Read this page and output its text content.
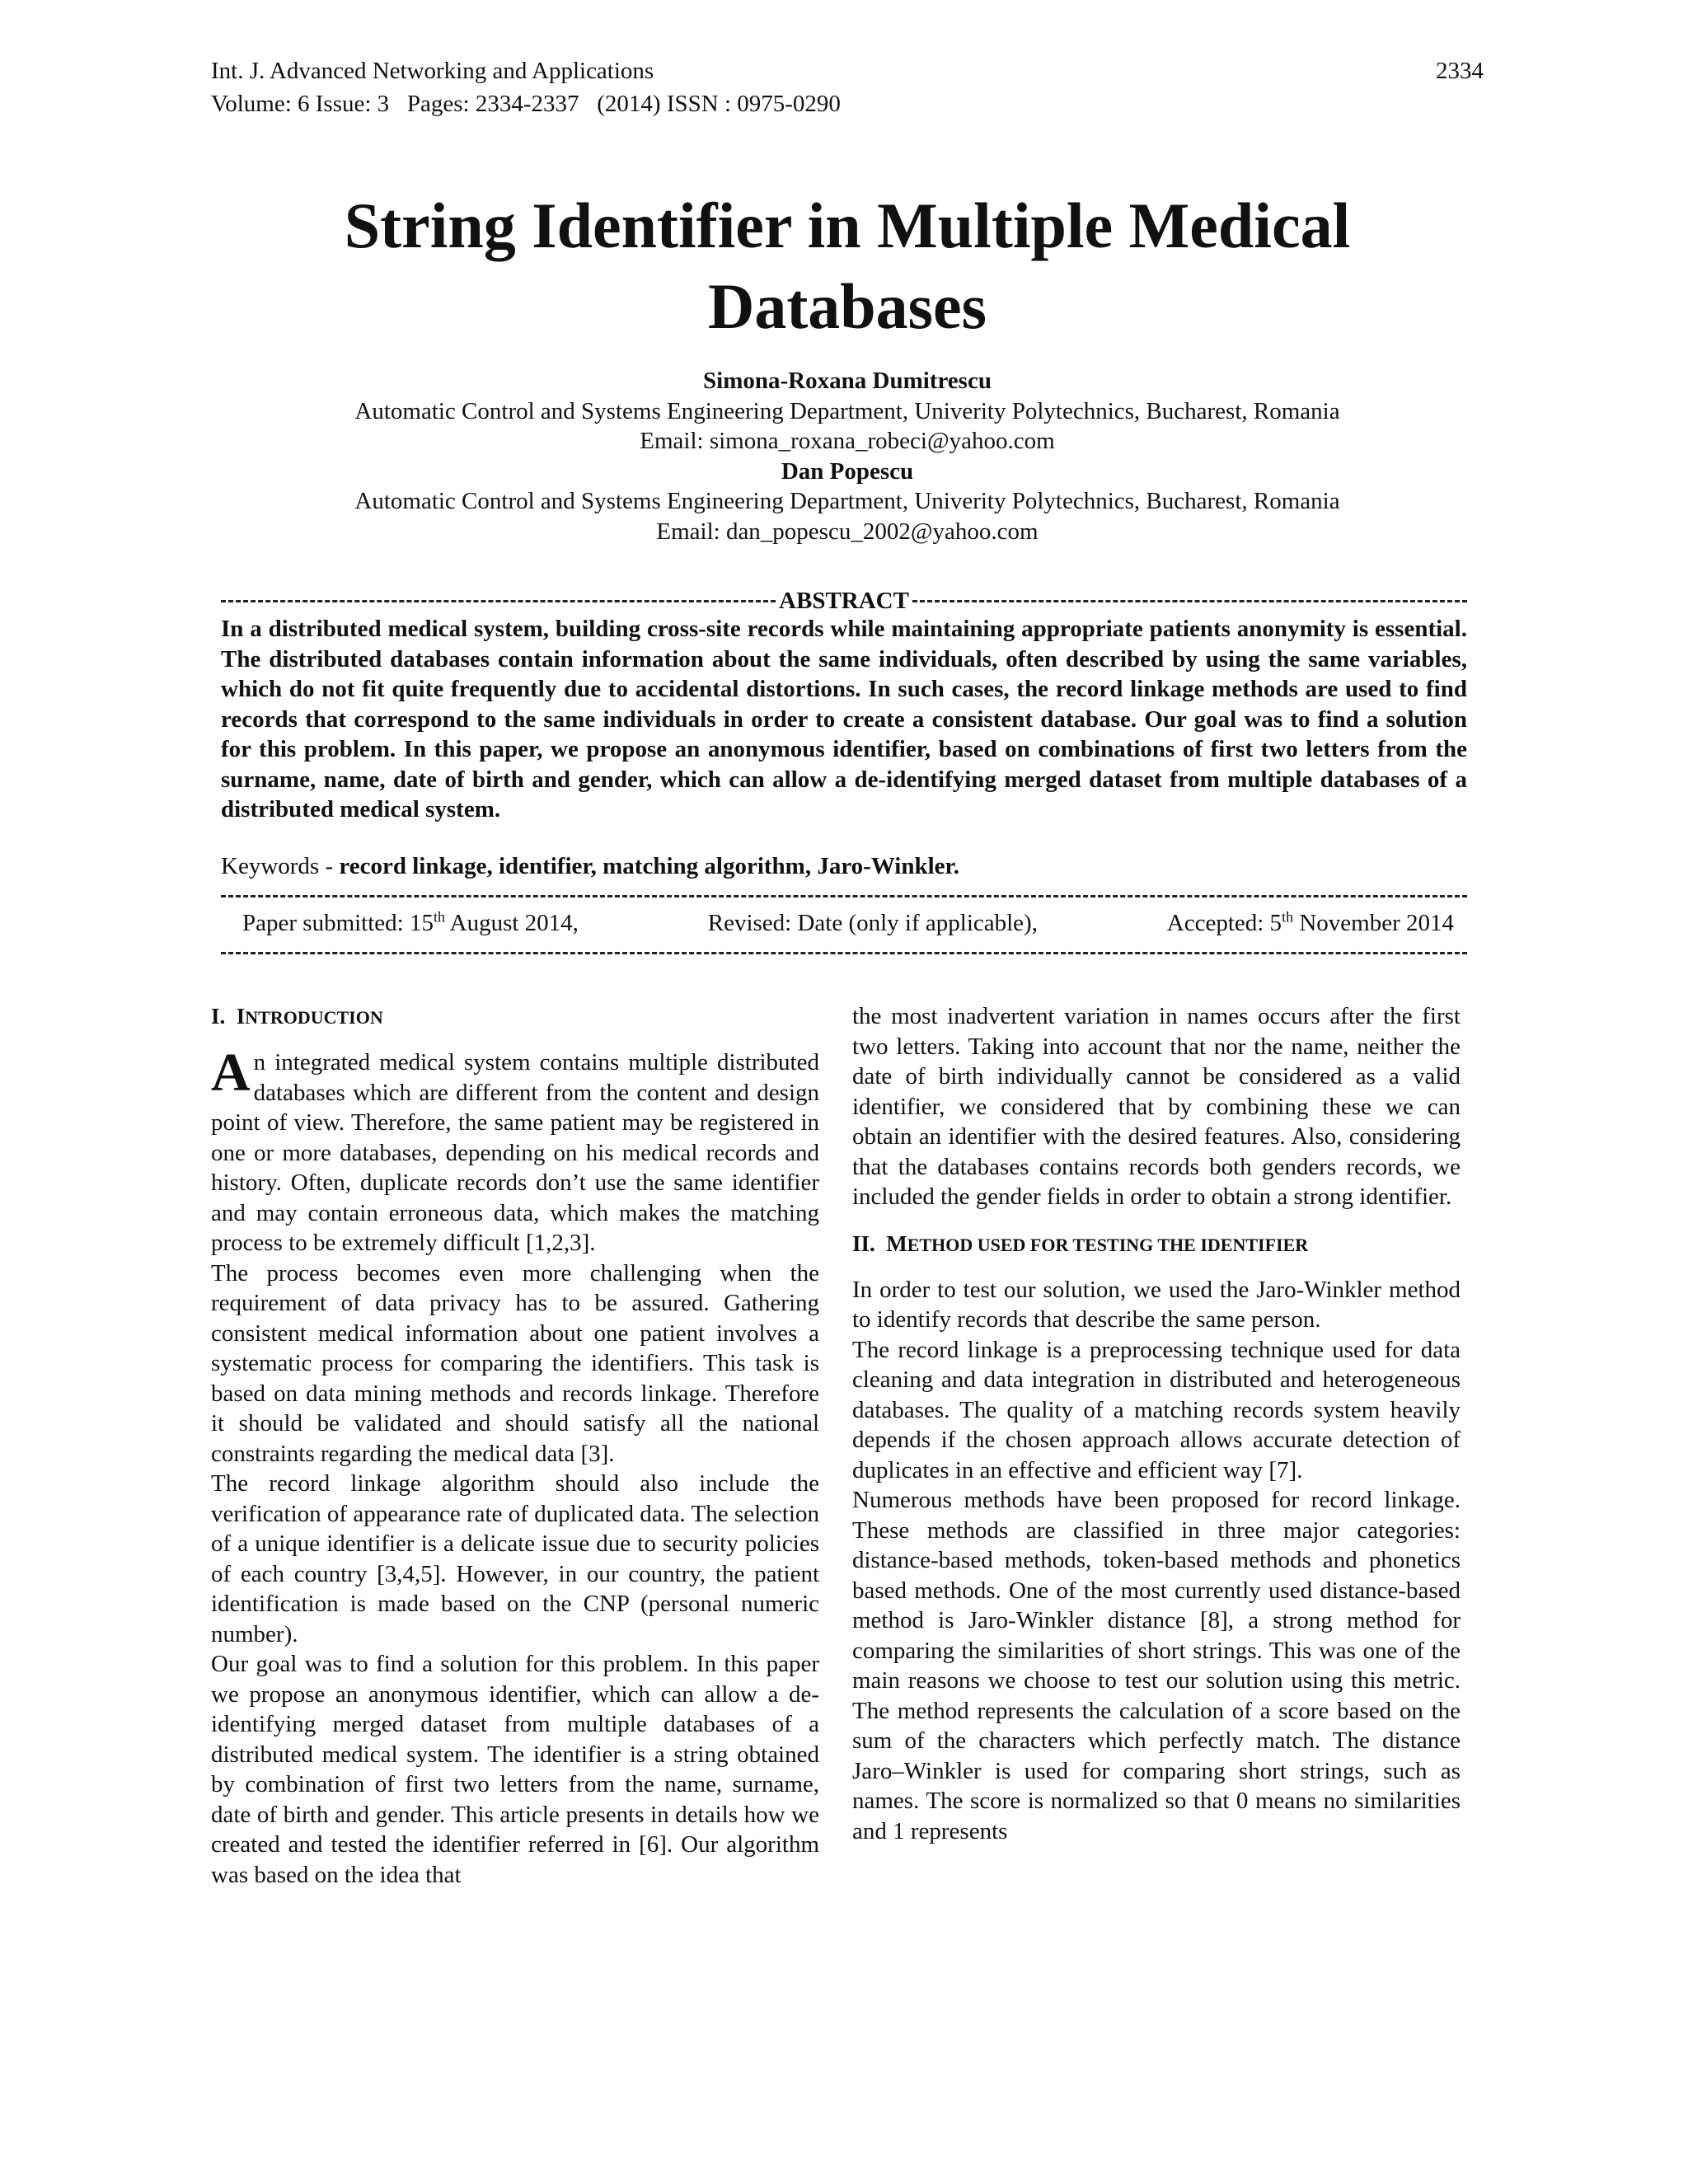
Int. J. Advanced Networking and Applications
Volume: 6 Issue: 3   Pages: 2334-2337   (2014) ISSN : 0975-0290
2334
String Identifier in Multiple Medical
Databases
Simona-Roxana Dumitrescu
Automatic Control and Systems Engineering Department, Univerity Polytechnics, Bucharest, Romania
Email: simona_roxana_robeci@yahoo.com
Dan Popescu
Automatic Control and Systems Engineering Department, Univerity Polytechnics, Bucharest, Romania
Email: dan_popescu_2002@yahoo.com
ABSTRACT
In a distributed medical system, building cross-site records while maintaining appropriate patients anonymity is essential. The distributed databases contain information about the same individuals, often described by using the same variables, which do not fit quite frequently due to accidental distortions. In such cases, the record linkage methods are used to find records that correspond to the same individuals in order to create a consistent database. Our goal was to find a solution for this problem. In this paper, we propose an anonymous identifier, based on combinations of first two letters from the surname, name, date of birth and gender, which can allow a de-identifying merged dataset from multiple databases of a distributed medical system.
Keywords - record linkage, identifier, matching algorithm, Jaro-Winkler.
Paper submitted: 15th August 2014,	Revised: Date (only if applicable),	Accepted: 5th November 2014
I. INTRODUCTION

An integrated medical system contains multiple distributed databases which are different from the content and design point of view. Therefore, the same patient may be registered in one or more databases, depending on his medical records and history. Often, duplicate records don’t use the same identifier and may contain erroneous data, which makes the matching process to be extremely difficult [1,2,3].

The process becomes even more challenging when the requirement of data privacy has to be assured. Gathering consistent medical information about one patient involves a systematic process for comparing the identifiers. This task is based on data mining methods and records linkage. Therefore it should be validated and should satisfy all the national constraints regarding the medical data [3].

The record linkage algorithm should also include the verification of appearance rate of duplicated data. The selection of a unique identifier is a delicate issue due to security policies of each country [3,4,5]. However, in our country, the patient identification is made based on the CNP (personal numeric number).

Our goal was to find a solution for this problem. In this paper we propose an anonymous identifier, which can allow a de-identifying merged dataset from multiple databases of a distributed medical system. The identifier is a string obtained by combination of first two letters from the name, surname, date of birth and gender. This article presents in details how we created and tested the identifier referred in [6]. Our algorithm was based on the idea that

the most inadvertent variation in names occurs after the first two letters. Taking into account that nor the name, neither the date of birth individually cannot be considered as a valid identifier, we considered that by combining these we can obtain an identifier with the desired features. Also, considering that the databases contains records both genders records, we included the gender fields in order to obtain a strong identifier.

II. METHOD USED FOR TESTING THE IDENTIFIER

In order to test our solution, we used the Jaro-Winkler method to identify records that describe the same person.

The record linkage is a preprocessing technique used for data cleaning and data integration in distributed and heterogeneous databases. The quality of a matching records system heavily depends if the chosen approach allows accurate detection of duplicates in an effective and efficient way [7].

Numerous methods have been proposed for record linkage. These methods are classified in three major categories: distance-based methods, token-based methods and phonetics based methods. One of the most currently used distance-based method is Jaro-Winkler distance [8], a strong method for comparing the similarities of short strings. This was one of the main reasons we choose to test our solution using this metric. The method represents the calculation of a score based on the sum of the characters which perfectly match. The distance Jaro–Winkler is used for comparing short strings, such as names. The score is normalized so that 0 means no similarities and 1 represents
